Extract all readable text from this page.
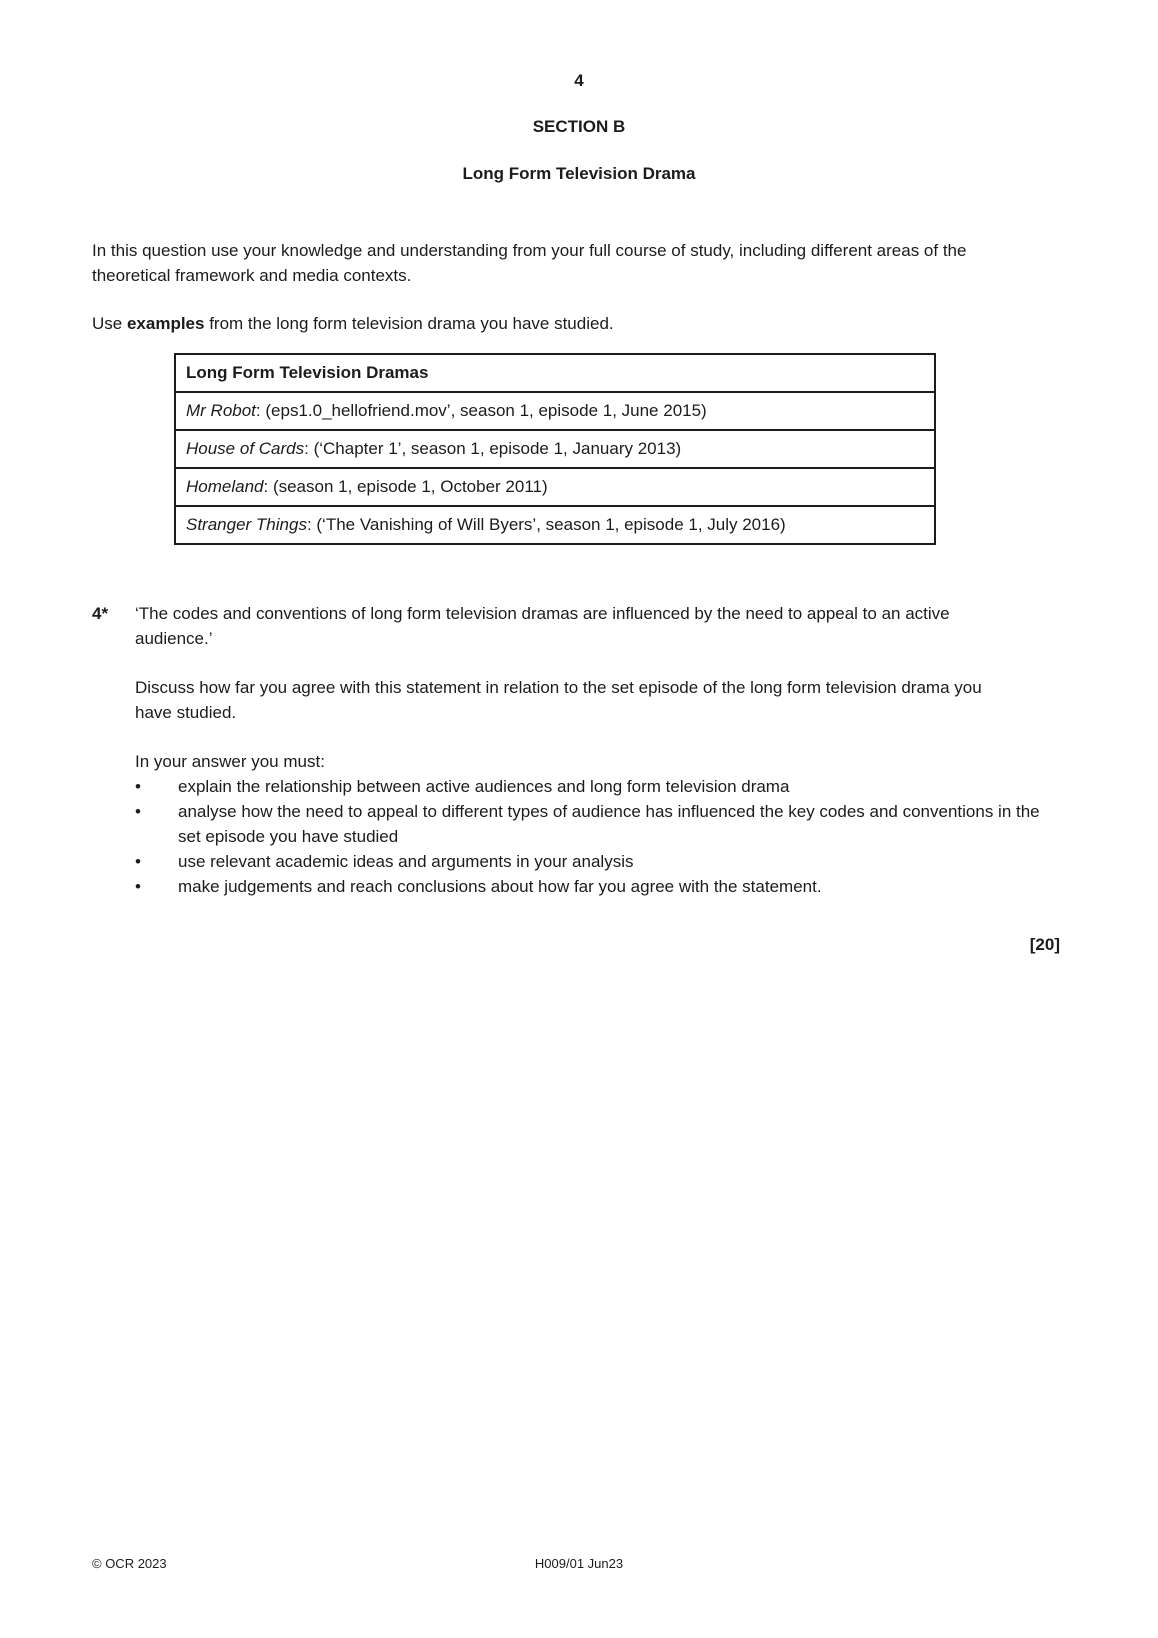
4
SECTION B
Long Form Television Drama

In this question use your knowledge and understanding from your full course of study, including different areas of the theoretical framework and media contexts.

Use examples from the long form television drama you have studied.

Long Form Television Dramas
Mr Robot: (eps1.0_hellofriend.mov’, season 1, episode 1, June 2015)
House of Cards: (‘Chapter 1’, season 1, episode 1, January 2013)
Homeland: (season 1, episode 1, October 2011)
Stranger Things: (‘The Vanishing of Will Byers’, season 1, episode 1, July 2016)
4*	‘The codes and conventions of long form television dramas are influenced by the need to appeal to an active audience.’

Discuss how far you agree with this statement in relation to the set episode of the long form television drama you have studied.

In your answer you must:

•	explain the relationship between active audiences and long form television drama
•	analyse how the need to appeal to different types of audience has influenced the key codes and conventions in the set episode you have studied
•	use relevant academic ideas and arguments in your analysis
•	make judgements and reach conclusions about how far you agree with the statement.
[20]
© OCR 2023	H009/01 Jun23
